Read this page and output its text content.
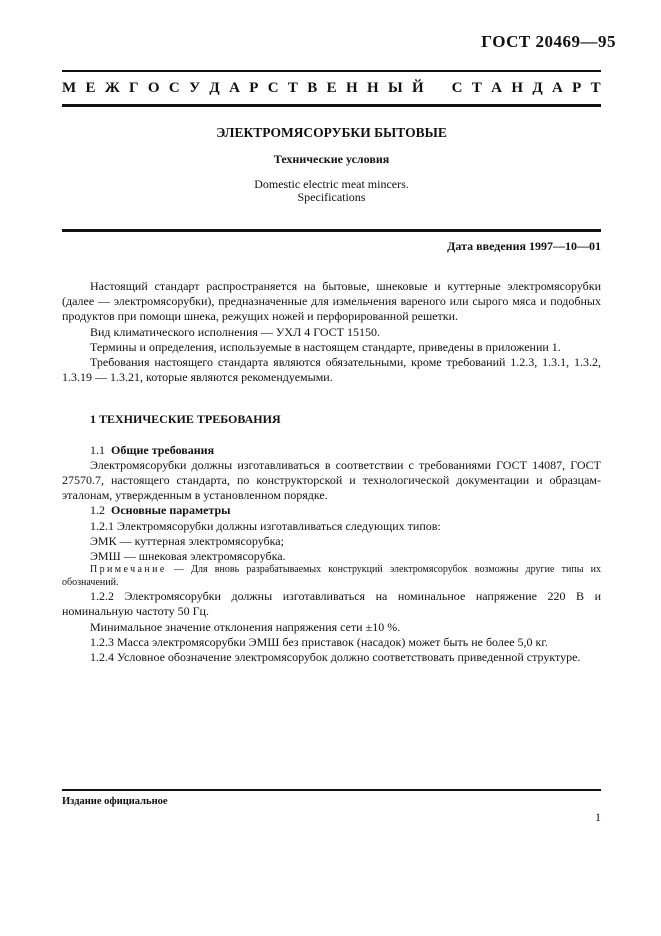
ГОСТ 20469—95
М Е Ж Г О С У Д А Р С Т В Е Н Н Ы Й С Т А Н Д А Р Т
ЭЛЕКТРОМЯСОРУБКИ БЫТОВЫЕ
Технические условия
Domestic electric meat mincers.
Specifications
Дата введения 1997—10—01

Настоящий стандарт распространяется на бытовые, шнековые и куттерные электромясорубки (далее — электромясорубки), предназначенные для измельчения вареного или сырого мяса и подобных продуктов при помощи шнека, режущих ножей и перфорированной решетки.

Вид климатического исполнения — УХЛ 4 ГОСТ 15150.

Термины и определения, используемые в настоящем стандарте, приведены в приложении 1.

Требования настоящего стандарта являются обязательными, кроме требований 1.2.3, 1.3.1, 1.3.2, 1.3.19 — 1.3.21, которые являются рекомендуемыми.

1 ТЕХНИЧЕСКИЕ ТРЕБОВАНИЯ

1.1 Общие требования

Электромясорубки должны изготавливаться в соответствии с требованиями ГОСТ 14087, ГОСТ 27570.7, настоящего стандарта, по конструкторской и технологической документации и образцам-эталонам, утвержденным в установленном порядке.

1.2 Основные параметры

1.2.1 Электромясорубки должны изготавливаться следующих типов:

ЭМК — куттерная электромясорубка;

ЭМШ — шнековая электромясорубка.

Примечание — Для вновь разрабатываемых конструкций электромясорубок возможны другие типы их обозначений.

1.2.2 Электромясорубки должны изготавливаться на номинальное напряжение 220 В и номинальную частоту 50 Гц.

Минимальное значение отклонения напряжения сети ±10 %.

1.2.3 Масса электромясорубки ЭМШ без приставок (насадок) может быть не более 5,0 кг.

1.2.4 Условное обозначение электромясорубок должно соответствовать приведенной структуре.

Издание официальное
1
